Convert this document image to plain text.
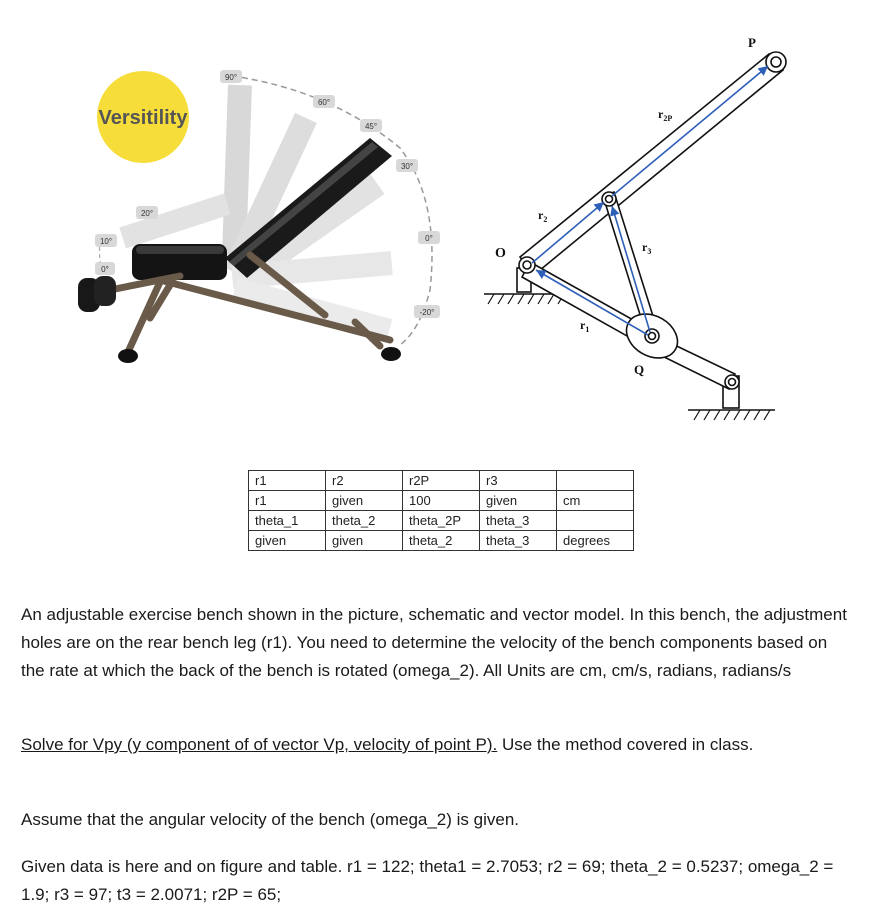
Versitility
90°
60°
45°
30°
0°
-20°
20°
10°
0°
O
P
Q
$r_2$
$r_3$
$r_1$
$r_{2P}$
r1	r2	r2P	r3	
r1	given	100	given	cm
theta_1	theta_2	theta_2P	theta_3	
given	given	theta_2	theta_3	degrees

An adjustable exercise bench shown in the picture, schematic and vector model. In this bench, the adjustment holes are on the rear bench leg (r1). You need to determine the velocity of the bench components based on the rate at which the back of the bench is rotated (omega_2). All Units are cm, cm/s, radians, radians/s

Solve for Vpy (y component of of vector Vp, velocity of point P). Use the method covered in class.

Assume that the angular velocity of the bench (omega_2) is given.

Given data is here and on figure and table. r1 = 122; theta1 = 2.7053; r2 = 69; theta_2 = 0.5237; omega_2 = 1.9; r3 = 97; t3 = 2.0071; r2P = 65;
